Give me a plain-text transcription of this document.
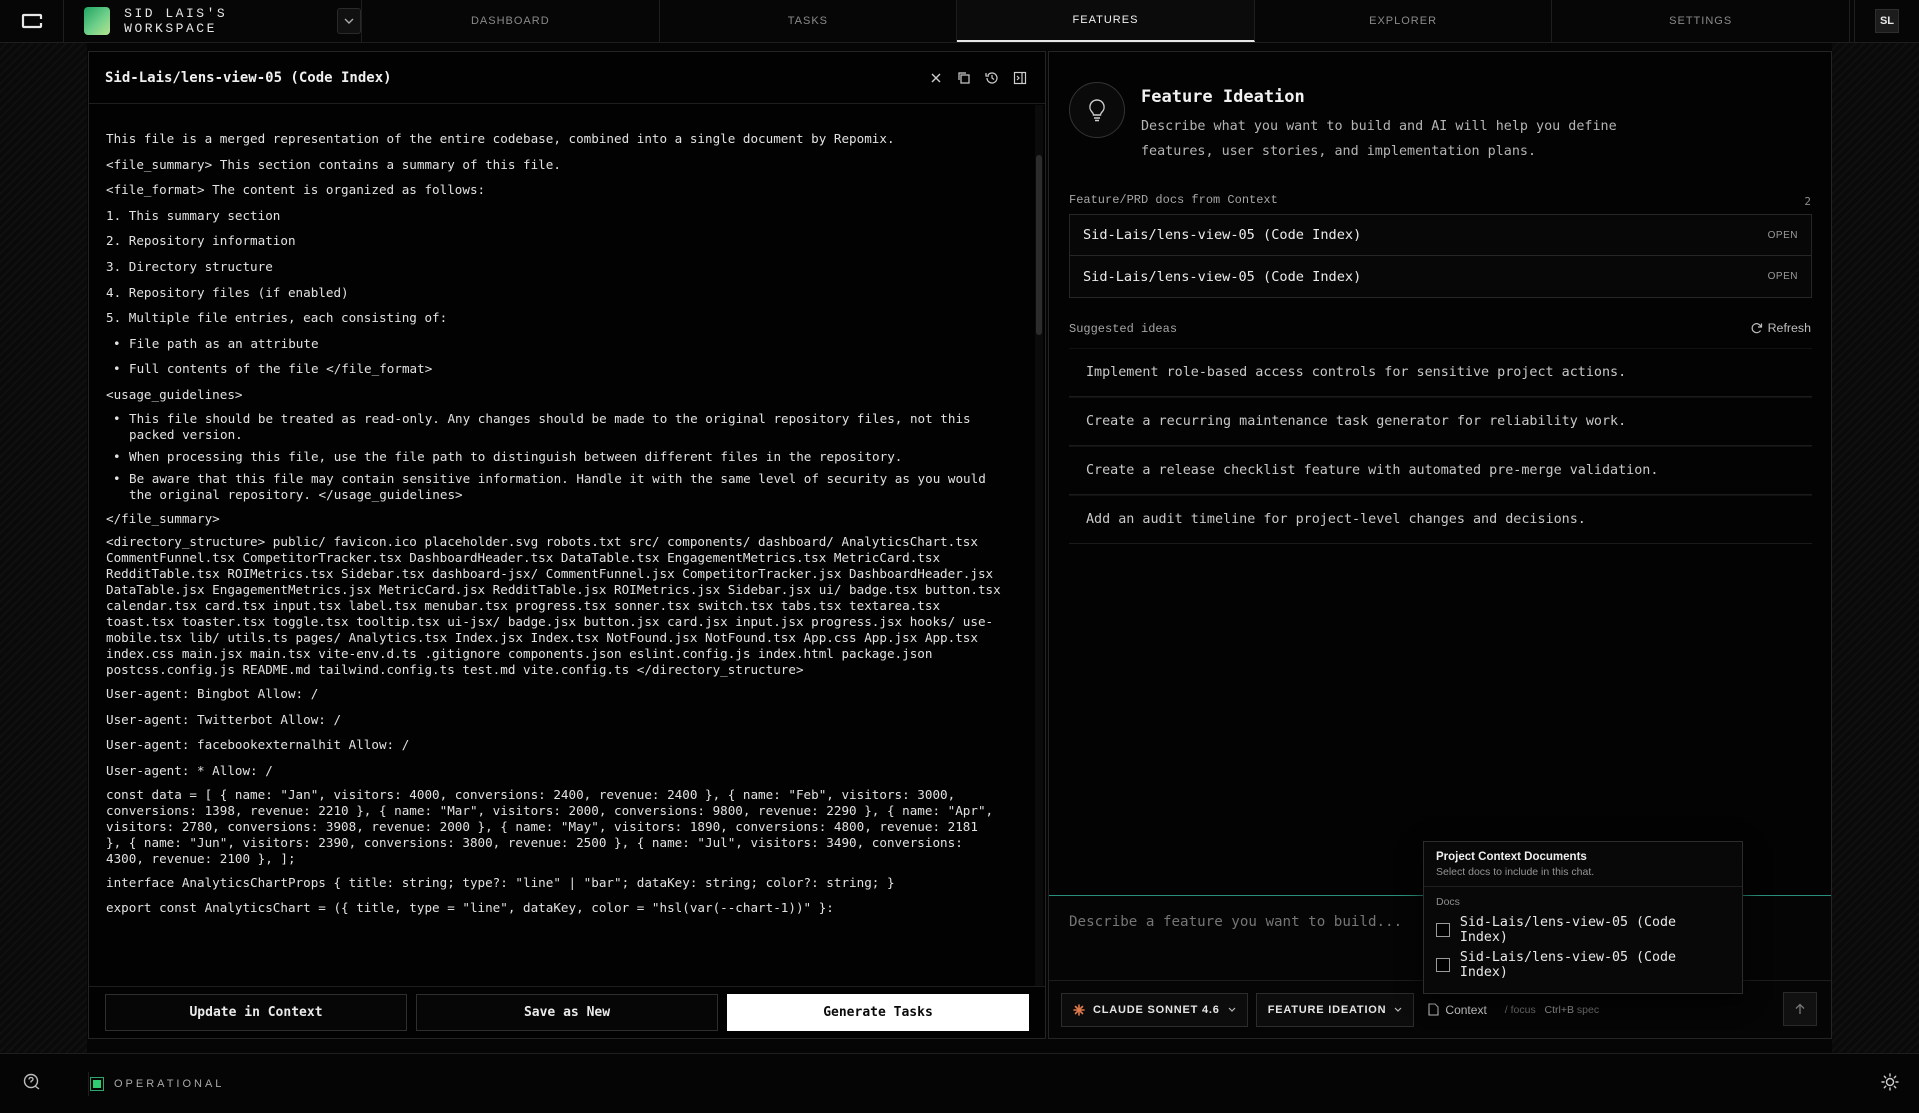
SID LAIS'S WORKSPACE	DASHBOARD	TASKS	FEATURES	EXPLORER	SETTINGS	SL
Sid-Lais/lens-view-05 (Code Index)

This file is a merged representation of the entire codebase, combined into a single document by Repomix.

<file_summary> This section contains a summary of this file.

<file_format> The content is organized as follows:

1. This summary section
2. Repository information
3. Directory structure
4. Repository files (if enabled)
5. Multiple file entries, each consisting of:
• File path as an attribute
• Full contents of the file </file_format>

<usage_guidelines>

• This file should be treated as read-only. Any changes should be made to the original repository files, not this packed version.
• When processing this file, use the file path to distinguish between different files in the repository.
• Be aware that this file may contain sensitive information. Handle it with the same level of security as you would the original repository. </usage_guidelines>

</file_summary>

<directory_structure> public/ favicon.ico placeholder.svg robots.txt src/ components/ dashboard/ AnalyticsChart.tsx CommentFunnel.tsx CompetitorTracker.tsx DashboardHeader.tsx DataTable.tsx EngagementMetrics.tsx MetricCard.tsx RedditTable.tsx ROIMetrics.tsx Sidebar.tsx dashboard-jsx/ CommentFunnel.jsx CompetitorTracker.jsx DashboardHeader.jsx DataTable.jsx EngagementMetrics.jsx MetricCard.jsx RedditTable.jsx ROIMetrics.jsx Sidebar.jsx ui/ badge.tsx button.tsx calendar.tsx card.tsx input.tsx label.tsx menubar.tsx progress.tsx sonner.tsx switch.tsx tabs.tsx textarea.tsx toast.tsx toaster.tsx toggle.tsx tooltip.tsx ui-jsx/ badge.jsx button.jsx card.jsx input.jsx progress.jsx hooks/ use-mobile.tsx lib/ utils.ts pages/ Analytics.tsx Index.jsx Index.tsx NotFound.jsx NotFound.tsx App.css App.jsx App.tsx index.css main.jsx main.tsx vite-env.d.ts .gitignore components.json eslint.config.js index.html package.json postcss.config.js README.md tailwind.config.ts test.md vite.config.ts </directory_structure>

User-agent: Bingbot Allow: /

User-agent: Twitterbot Allow: /

User-agent: facebookexternalhit Allow: /

User-agent: * Allow: /

const data = [ { name: "Jan", visitors: 4000, conversions: 2400, revenue: 2400 }, { name: "Feb", visitors: 3000, conversions: 1398, revenue: 2210 }, { name: "Mar", visitors: 2000, conversions: 9800, revenue: 2290 }, { name: "Apr", visitors: 2780, conversions: 3908, revenue: 2000 }, { name: "May", visitors: 1890, conversions: 4800, revenue: 2181 }, { name: "Jun", visitors: 2390, conversions: 3800, revenue: 2500 }, { name: "Jul", visitors: 3490, conversions: 4300, revenue: 2100 }, ];

interface AnalyticsChartProps { title: string; type?: "line" | "bar"; dataKey: string; color?: string; }

export const AnalyticsChart = ({ title, type = "line", dataKey, color = "hsl(var(--chart-1))" }:

Update in Context	Save as New	Generate Tasks
Feature Ideation
Describe what you want to build and AI will help you define features, user stories, and implementation plans.
Feature/PRD docs from Context	2
Sid-Lais/lens-view-05 (Code Index)	OPEN
Sid-Lais/lens-view-05 (Code Index)	OPEN
Suggested ideas	Refresh
Implement role-based access controls for sensitive project actions.
Create a recurring maintenance task generator for reliability work.
Create a release checklist feature with automated pre-merge validation.
Add an audit timeline for project-level changes and decisions.
Describe a feature you want to build...
CLAUDE SONNET 4.6	FEATURE IDEATION	Context / focus Ctrl+B spec
Project Context Documents
Select docs to include in this chat.
Docs
Sid-Lais/lens-view-05 (Code Index)
Sid-Lais/lens-view-05 (Code Index)
OPERATIONAL
